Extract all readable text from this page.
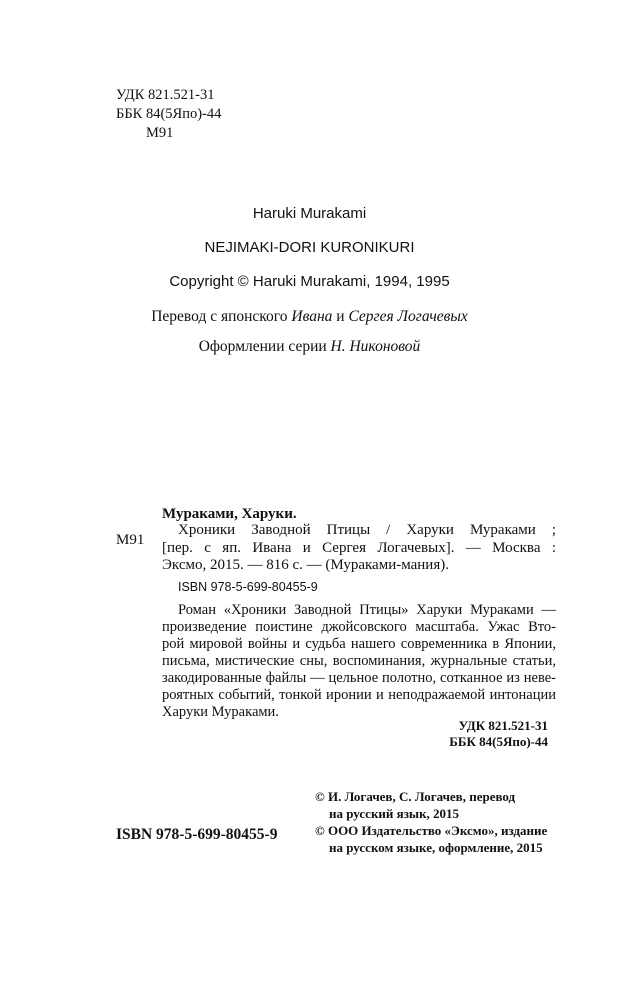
УДК 821.521-31
ББК 84(5Япо)-44
М91
Haruki Murakami
NEJIMAKI-DORI KURONIKURI
Copyright © Haruki Murakami, 1994, 1995
Перевод с японского Ивана и Сергея Логачевых
Оформлении серии Н. Никоновой
Мураками, Харуки.
М91
Хроники Заводной Птицы / Харуки Мураками ;
[пер. с яп. Ивана и Сергея Логачевых]. — Москва :
Эксмо, 2015. — 816 с. — (Мураками-мания).
ISBN 978-5-699-80455-9
Роман «Хроники Заводной Птицы» Харуки Мураками —
произведение поистине джойсовского масштаба. Ужас Вто-
рой мировой войны и судьба нашего современника в Японии,
письма, мистические сны, воспоминания, журнальные статьи,
закодированные файлы — цельное полотно, сотканное из неве-
роятных событий, тонкой иронии и неподражаемой интонации
Харуки Мураками.
УДК 821.521-31
ББК 84(5Япо)-44
ISBN 978-5-699-80455-9
© И. Логачев, С. Логачев, перевод
на русский язык, 2015
© ООО Издательство «Эксмо», издание
на русском языке, оформление, 2015
